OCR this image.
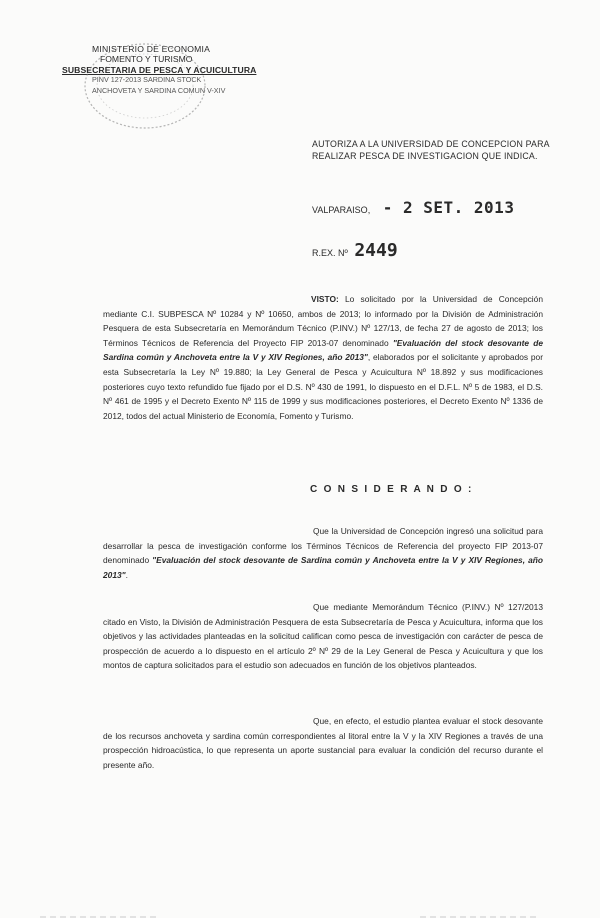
MINISTERIO DE ECONOMIA
FOMENTO Y TURISMO
SUBSECRETARIA DE PESCA Y ACUICULTURA
PINV 127-2013 SARDINA STOCK
ANCHOVETA Y SARDINA COMUN V-XIV
AUTORIZA A LA UNIVERSIDAD DE CONCEPCION PARA
REALIZAR PESCA DE INVESTIGACION QUE INDICA.
VALPARAISO, - 2 SET. 2013
R.EX. Nº 2449
VISTO: Lo solicitado por la Universidad de Concepción mediante C.I. SUBPESCA Nº 10284 y Nº 10650, ambos de 2013; lo informado por la División de Administración Pesquera de esta Subsecretaría en Memorándum Técnico (P.INV.) Nº 127/13, de fecha 27 de agosto de 2013; los Términos Técnicos de Referencia del Proyecto FIP 2013-07 denominado "Evaluación del stock desovante de Sardina común y Anchoveta entre la V y XIV Regiones, año 2013", elaborados por el solicitante y aprobados por esta Subsecretaría la Ley Nº 19.880; la Ley General de Pesca y Acuicultura Nº 18.892 y sus modificaciones posteriores cuyo texto refundido fue fijado por el D.S. Nº 430 de 1991, lo dispuesto en el D.F.L. Nº 5 de 1983, el D.S. Nº 461 de 1995 y el Decreto Exento Nº 115 de 1999 y sus modificaciones posteriores, el Decreto Exento Nº 1336 de 2012, todos del actual Ministerio de Economía, Fomento y Turismo.
C O N S I D E R A N D O :
Que la Universidad de Concepción ingresó una solicitud para desarrollar la pesca de investigación conforme los Términos Técnicos de Referencia del proyecto FIP 2013-07 denominado "Evaluación del stock desovante de Sardina común y Anchoveta entre la V y XIV Regiones, año 2013".
Que mediante Memorándum Técnico (P.INV.) Nº 127/2013 citado en Visto, la División de Administración Pesquera de esta Subsecretaría de Pesca y Acuicultura, informa que los objetivos y las actividades planteadas en la solicitud califican como pesca de investigación con carácter de pesca de prospección de acuerdo a lo dispuesto en el artículo 2º Nº 29 de la Ley General de Pesca y Acuicultura y que los montos de captura solicitados para el estudio son adecuados en función de los objetivos planteados.
Que, en efecto, el estudio plantea evaluar el stock desovante de los recursos anchoveta y sardina común correspondientes al litoral entre la V y la XIV Regiones a través de una prospección hidroacústica, lo que representa un aporte sustancial para evaluar la condición del recurso durante el presente año.
